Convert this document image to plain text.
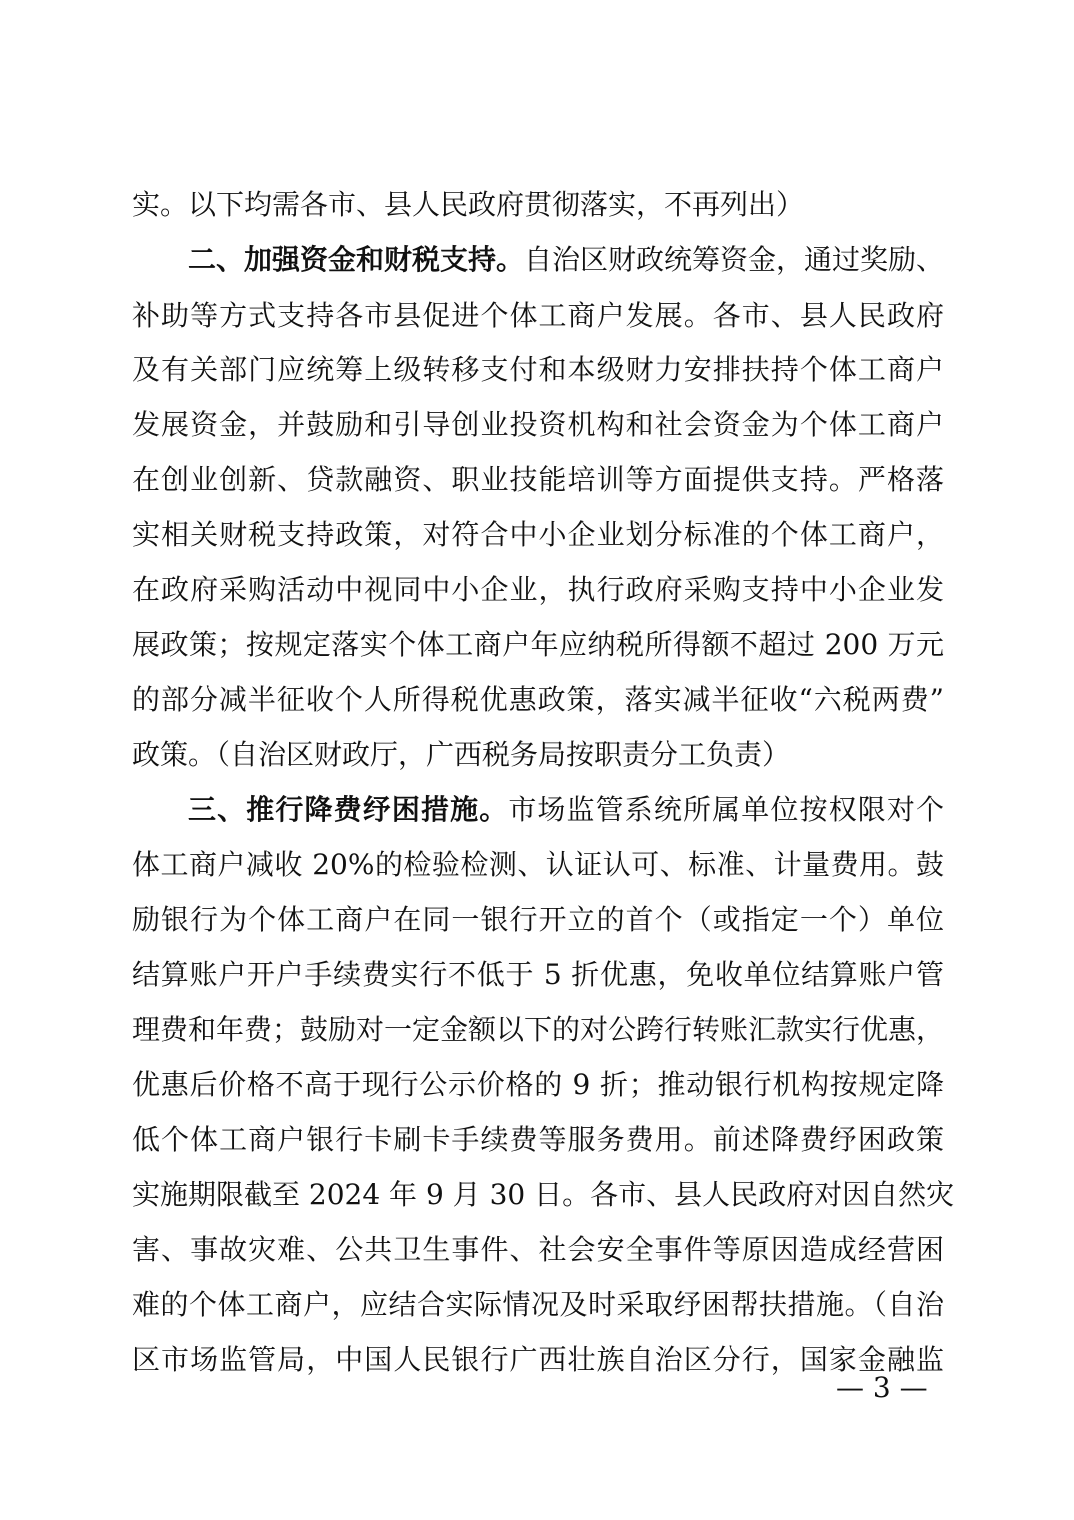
实。以下均需各市、县人民政府贯彻落实，不再列出）
二、加强资金和财税支持。自治区财政统筹资金，通过奖励、
补助等方式支持各市县促进个体工商户发展。各市、县人民政府
及有关部门应统筹上级转移支付和本级财力安排扶持个体工商户
发展资金，并鼓励和引导创业投资机构和社会资金为个体工商户
在创业创新、贷款融资、职业技能培训等方面提供支持。严格落
实相关财税支持政策，对符合中小企业划分标准的个体工商户，
在政府采购活动中视同中小企业，执行政府采购支持中小企业发
展政策；按规定落实个体工商户年应纳税所得额不超过 200 万元
的部分减半征收个人所得税优惠政策，落实减半征收“六税两费”
政策。（自治区财政厅，广西税务局按职责分工负责）
三、推行降费纾困措施。市场监管系统所属单位按权限对个
体工商户减收 20%的检验检测、认证认可、标准、计量费用。鼓
励银行为个体工商户在同一银行开立的首个（或指定一个）单位
结算账户开户手续费实行不低于 5 折优惠，免收单位结算账户管
理费和年费；鼓励对一定金额以下的对公跨行转账汇款实行优惠，
优惠后价格不高于现行公示价格的 9 折；推动银行机构按规定降
低个体工商户银行卡刷卡手续费等服务费用。前述降费纾困政策
实施期限截至 2024 年 9 月 30 日。各市、县人民政府对因自然灾
害、事故灾难、公共卫生事件、社会安全事件等原因造成经营困
难的个体工商户，应结合实际情况及时采取纾困帮扶措施。（自治
区市场监管局，中国人民银行广西壮族自治区分行，国家金融监
— 3 —
